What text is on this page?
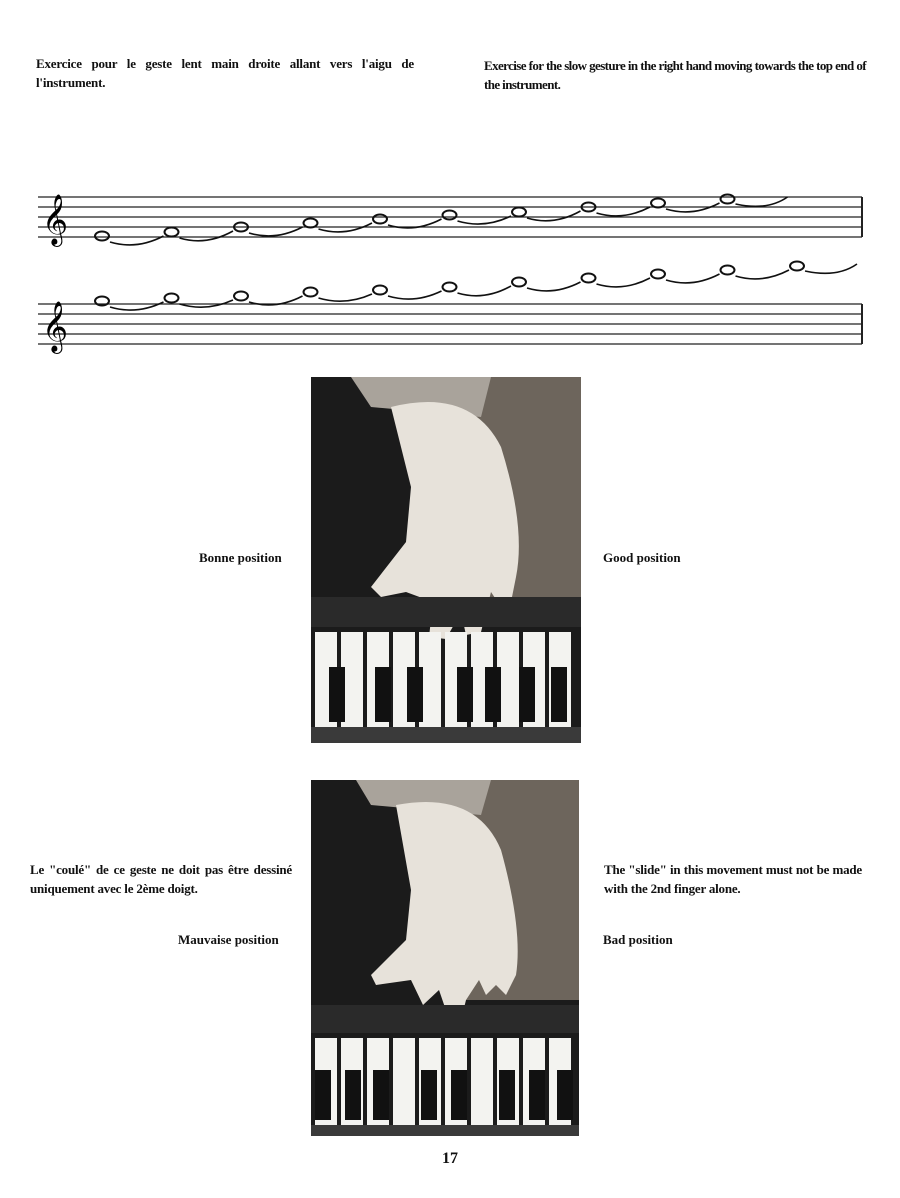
Exercice pour le geste lent main droite allant vers l'aigu de l'instrument.
Exercise for the slow gesture in the right hand moving towards the top end of the instrument.
𝄞
𝄞
Bonne position	Good position
Le "coulé" de ce geste ne doit pas être dessiné uniquement avec le 2ème doigt.
The "slide" in this movement must not be made with the 2nd finger alone.
Mauvaise position	Bad position
17
